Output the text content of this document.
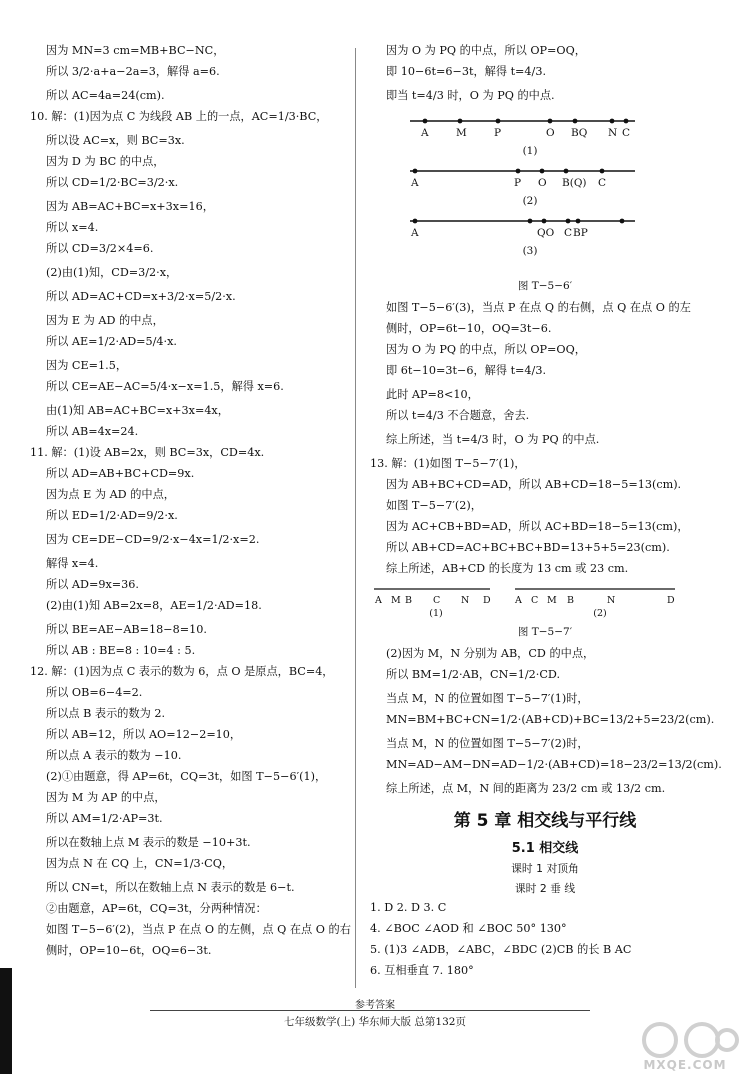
因为 MN=3 cm=MB+BC−NC，
所以 3/2·a+a−2a=3，解得 a=6.
所以 AC=4a=24(cm).
10. 解：(1)因为点 C 为线段 AB 上的一点，AC=1/3·BC，
所以设 AC=x，则 BC=3x.
因为 D 为 BC 的中点，
所以 CD=1/2·BC=3/2·x.
因为 AB=AC+BC=x+3x=16，
所以 x=4.
所以 CD=3/2×4=6.
(2)由(1)知，CD=3/2·x，
所以 AD=AC+CD=x+3/2·x=5/2·x.
因为 E 为 AD 的中点，
所以 AE=1/2·AD=5/4·x.
因为 CE=1.5，
所以 CE=AE−AC=5/4·x−x=1.5，解得 x=6.
由(1)知 AB=AC+BC=x+3x=4x，
所以 AB=4x=24.
11. 解：(1)设 AB=2x，则 BC=3x，CD=4x.
所以 AD=AB+BC+CD=9x.
因为点 E 为 AD 的中点，
所以 ED=1/2·AD=9/2·x.
因为 CE=DE−CD=9/2·x−4x=1/2·x=2.
解得 x=4.
所以 AD=9x=36.
(2)由(1)知 AB=2x=8，AE=1/2·AD=18.
所以 BE=AE−AB=18−8=10.
所以 AB : BE=8 : 10=4 : 5.
12. 解：(1)因为点 C 表示的数为 6，点 O 是原点，BC=4，
所以 OB=6−4=2.
所以点 B 表示的数为 2.
所以 AB=12，所以 AO=12−2=10，
所以点 A 表示的数为 −10.
(2)①由题意，得 AP=6t，CQ=3t，如图 T−5−6′(1)，
因为 M 为 AP 的中点，
所以 AM=1/2·AP=3t.
所以在数轴上点 M 表示的数是 −10+3t.
因为点 N 在 CQ 上，CN=1/3·CQ，
所以 CN=t，所以在数轴上点 N 表示的数是 6−t.
②由题意，AP=6t，CQ=3t，分两种情况：
如图 T−5−6′(2)，当点 P 在点 O 的左侧，点 Q 在点 O 的右
侧时，OP=10−6t，OQ=6−3t.
因为 O 为 PQ 的中点，所以 OP=OQ，
即 10−6t=6−3t，解得 t=4/3.
即当 t=4/3 时，O 为 PQ 的中点.
A	M	P	O BQ N C
(1)
A	P O B(Q) C
(2)
A	QO BP
C
(3)
图 T−5−6′
如图 T−5−6′(3)，当点 P 在点 Q 的右侧，点 Q 在点 O 的左
侧时，OP=6t−10，OQ=3t−6.
因为 O 为 PQ 的中点，所以 OP=OQ，
即 6t−10=3t−6，解得 t=4/3.
此时 AP=8<10，
所以 t=4/3 不合题意，舍去.
综上所述，当 t=4/3 时，O 为 PQ 的中点.
13. 解：(1)如图 T−5−7′(1)，
因为 AB+BC+CD=AD，所以 AB+CD=18−5=13(cm).
如图 T−5−7′(2)，
因为 AC+CB+BD=AD，所以 AC+BD=18−5=13(cm)，
所以 AB+CD=AC+BC+BC+BD=13+5+5=23(cm).
综上所述，AB+CD 的长度为 13 cm 或 23 cm.
A M B C N D	A C M B	N	D
(1)	(2)
图 T−5−7′
(2)因为 M，N 分别为 AB，CD 的中点，
所以 BM=1/2·AB，CN=1/2·CD.
当点 M，N 的位置如图 T−5−7′(1)时，
MN=BM+BC+CN=1/2·(AB+CD)+BC=13/2+5=23/2(cm).
当点 M，N 的位置如图 T−5−7′(2)时，
MN=AD−AM−DN=AD−1/2·(AB+CD)=18−23/2=13/2(cm).
综上所述，点 M，N 间的距离为 23/2 cm 或 13/2 cm.
第 5 章 相交线与平行线
5.1 相交线
课时 1 对顶角
课时 2 垂 线
1. D 2. D 3. C
4. ∠BOC ∠AOD 和 ∠BOC 50° 130°
5. (1)3 ∠ADB，∠ABC，∠BDC (2)CB 的长 B AC
6. 互相垂直 7. 180°
参考答案
七年级数学(上) 华东师大版 总第132页
MXQE.COM
